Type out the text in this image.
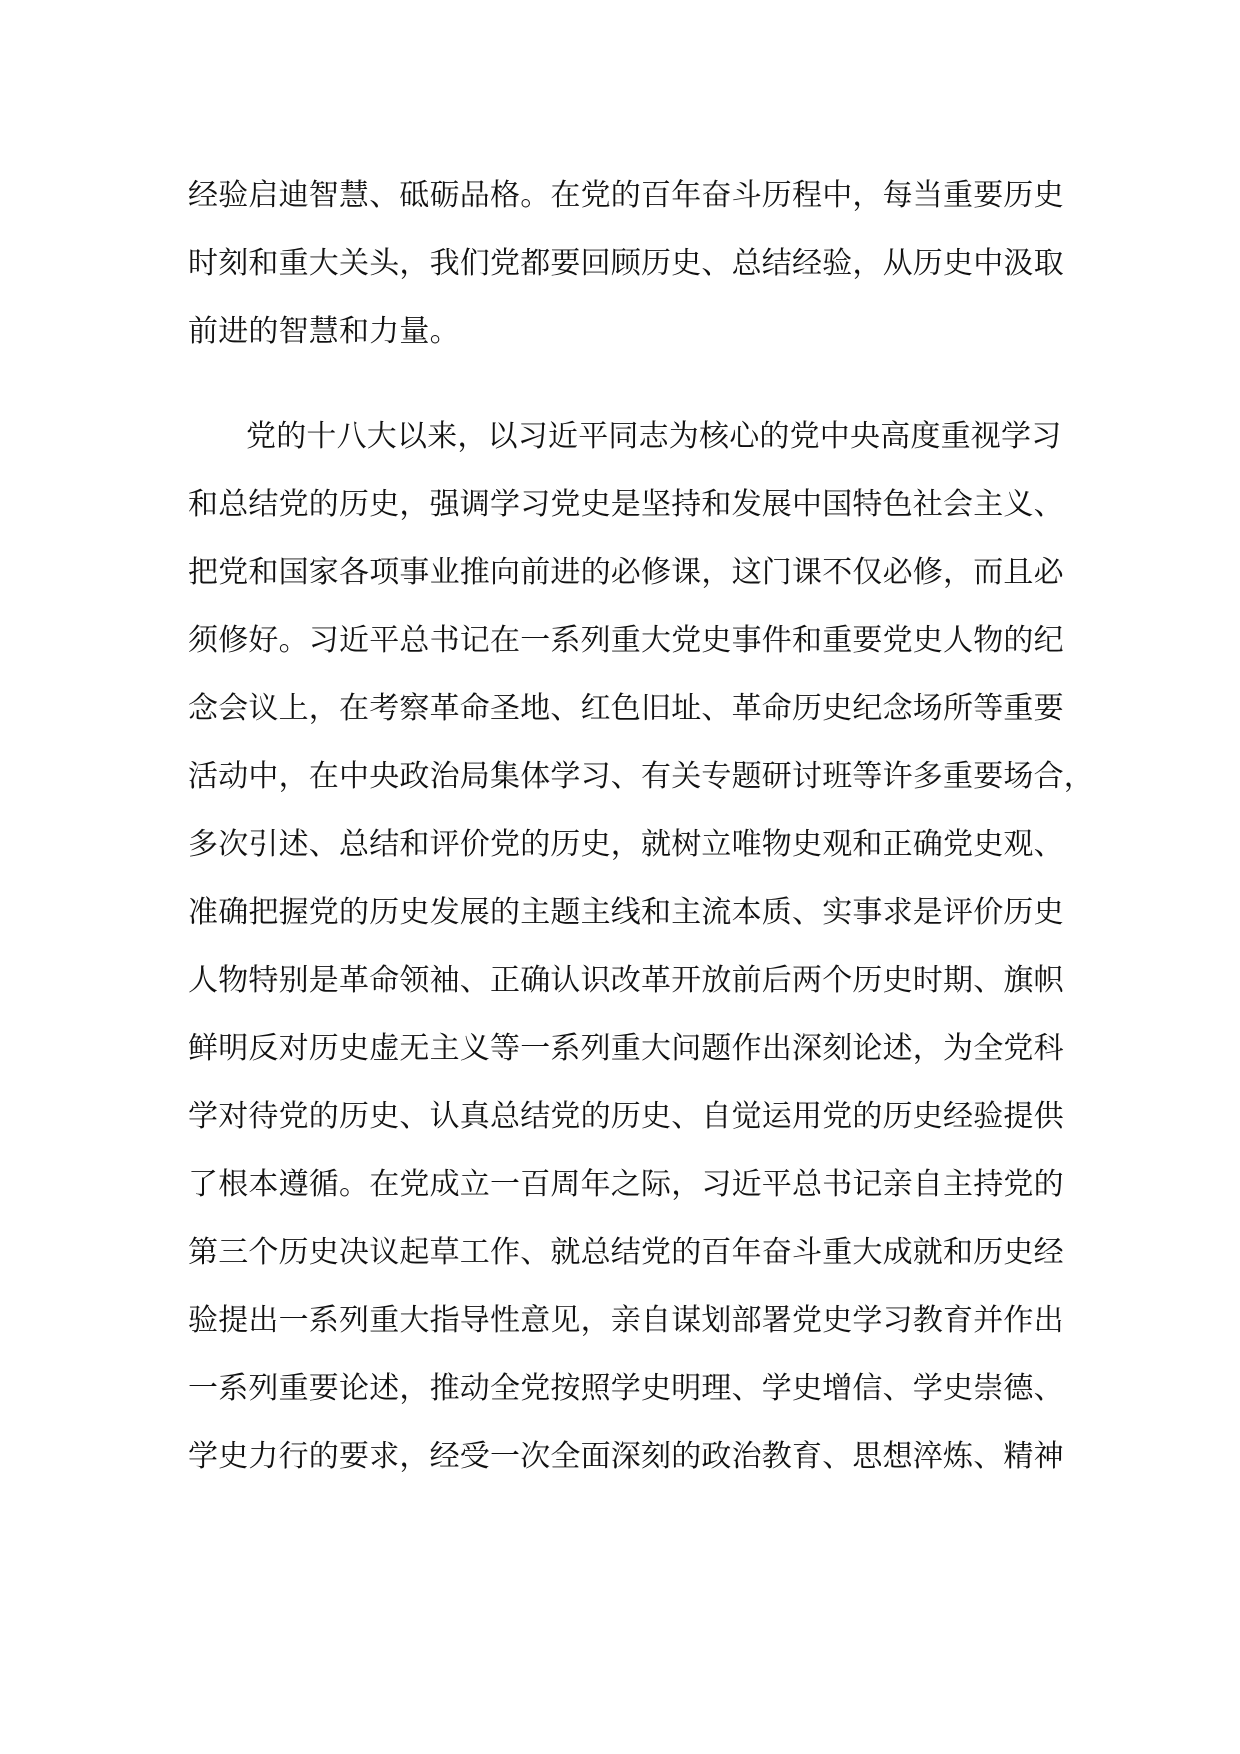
经验启迪智慧、砥砺品格。在党的百年奋斗历程中，每当重要历史
时刻和重大关头，我们党都要回顾历史、总结经验，从历史中汲取
前进的智慧和力量。
党的十八大以来，以习近平同志为核心的党中央高度重视学习
和总结党的历史，强调学习党史是坚持和发展中国特色社会主义、
把党和国家各项事业推向前进的必修课，这门课不仅必修，而且必
须修好。习近平总书记在一系列重大党史事件和重要党史人物的纪
念会议上，在考察革命圣地、红色旧址、革命历史纪念场所等重要
活动中，在中央政治局集体学习、有关专题研讨班等许多重要场合，
多次引述、总结和评价党的历史，就树立唯物史观和正确党史观、
准确把握党的历史发展的主题主线和主流本质、实事求是评价历史
人物特别是革命领袖、正确认识改革开放前后两个历史时期、旗帜
鲜明反对历史虚无主义等一系列重大问题作出深刻论述，为全党科
学对待党的历史、认真总结党的历史、自觉运用党的历史经验提供
了根本遵循。在党成立一百周年之际，习近平总书记亲自主持党的
第三个历史决议起草工作、就总结党的百年奋斗重大成就和历史经
验提出一系列重大指导性意见，亲自谋划部署党史学习教育并作出
一系列重要论述，推动全党按照学史明理、学史增信、学史崇德、
学史力行的要求，经受一次全面深刻的政治教育、思想淬炼、精神
